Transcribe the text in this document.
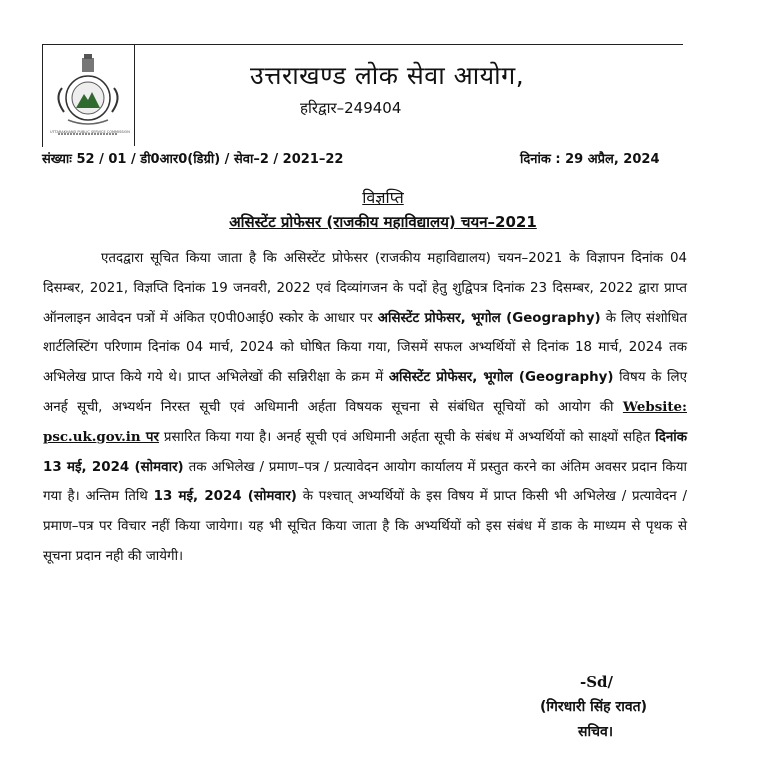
UTTARAKHAND PUBLIC SERVICE COMMISSION
उत्तराखण्ड लोक सेवा आयोग,
हरिद्वार–249404
संख्याः 52 / 01 / डी0आर0(डिग्री) / सेवा–2 / 2021–22	दिनांक : 29 अप्रैल, 2024
विज्ञप्ति
असिस्टेंट प्रोफेसर (राजकीय महाविद्यालय) चयन–2021
एतदद्वारा सूचित किया जाता है कि असिस्टेंट प्रोफेसर (राजकीय महाविद्यालय) चयन–2021 के विज्ञापन दिनांक 04 दिसम्बर, 2021, विज्ञप्ति दिनांक 19 जनवरी, 2022 एवं दिव्यांगजन के पदों हेतु शुद्विपत्र दिनांक 23 दिसम्बर, 2022 द्वारा प्राप्त ऑनलाइन आवेदन पत्रों में अंकित ए0पी0आई0 स्कोर के आधार पर असिस्टेंट प्रोफेसर, भूगोल (Geography) के लिए संशोधित शार्टलिस्टिंग परिणाम दिनांक 04 मार्च, 2024 को घोषित किया गया, जिसमें सफल अभ्यर्थियों से दिनांक 18 मार्च, 2024 तक अभिलेख प्राप्त किये गये थे। प्राप्त अभिलेखों की सन्निरीक्षा के क्रम में असिस्टेंट प्रोफेसर, भूगोल (Geography) विषय के लिए अनर्ह सूची, अभ्यर्थन निरस्त सूची एवं अधिमानी अर्हता विषयक सूचना से संबंधित सूचियों को आयोग की Website: psc.uk.gov.in पर प्रसारित किया गया है। अनर्ह सूची एवं अधिमानी अर्हता सूची के संबंध में अभ्यर्थियों को साक्ष्यों सहित दिनांक 13 मई, 2024 (सोमवार) तक अभिलेख / प्रमाण–पत्र / प्रत्यावेदन आयोग कार्यालय में प्रस्तुत करने का अंतिम अवसर प्रदान किया गया है। अन्तिम तिथि 13 मई, 2024 (सोमवार) के पश्चात् अभ्यर्थियों के इस विषय में प्राप्त किसी भी अभिलेख / प्रत्यावेदन / प्रमाण–पत्र पर विचार नहीं किया जायेगा। यह भी सूचित किया जाता है कि अभ्यर्थियों को इस संबंध में डाक के माध्यम से पृथक से सूचना प्रदान नही की जायेगी।
-Sd/
(गिरधारी सिंह रावत)
सचिव।
